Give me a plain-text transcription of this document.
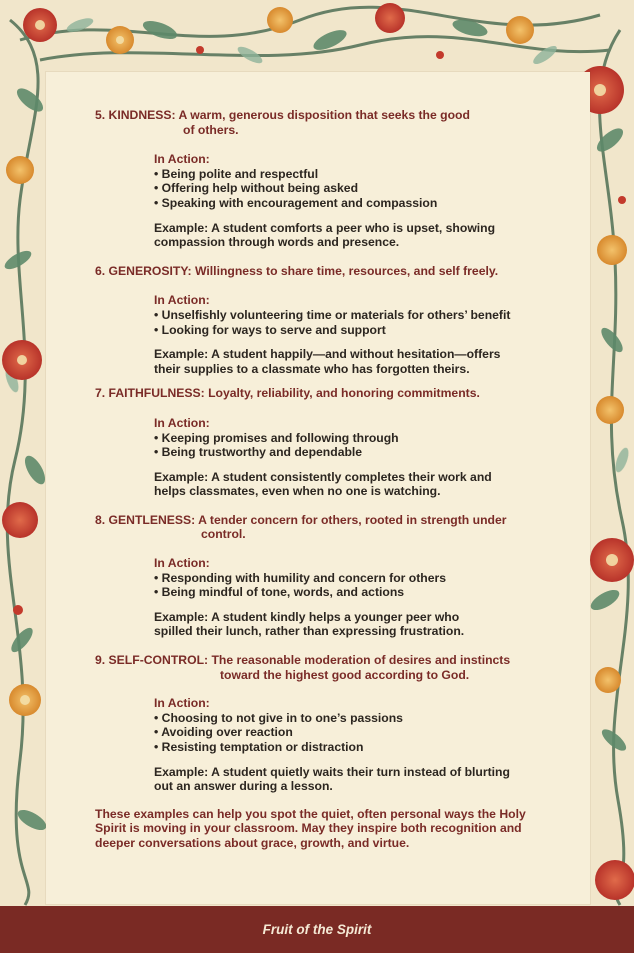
5. KINDNESS: A warm, generous disposition that seeks the good
of others.
In Action:
• Being polite and respectful
• Offering help without being asked
• Speaking with encouragement and compassion
Example: A student comforts a peer who is upset, showing
compassion through words and presence.
6. GENEROSITY: Willingness to share time, resources, and self freely.
In Action:
• Unselfishly volunteering time or materials for others’ benefit
• Looking for ways to serve and support
Example: A student happily—and without hesitation—offers
their supplies to a classmate who has forgotten theirs.
7. FAITHFULNESS: Loyalty, reliability, and honoring commitments.
In Action:
• Keeping promises and following through
• Being trustworthy and dependable
Example: A student consistently completes their work and
helps classmates, even when no one is watching.
8. GENTLENESS: A tender concern for others, rooted in strength under
control.
In Action:
• Responding with humility and concern for others
• Being mindful of tone, words, and actions
Example: A student kindly helps a younger peer who
spilled their lunch, rather than expressing frustration.
9. SELF-CONTROL: The reasonable moderation of desires and instincts
toward the highest good according to God.
In Action:
• Choosing to not give in to one’s passions
• Avoiding over reaction
• Resisting temptation or distraction
Example: A student quietly waits their turn instead of blurting
out an answer during a lesson.
These examples can help you spot the quiet, often personal ways the Holy
Spirit is moving in your classroom. May they inspire both recognition and
deeper conversations about grace, growth, and virtue.
Fruit of the Spirit
